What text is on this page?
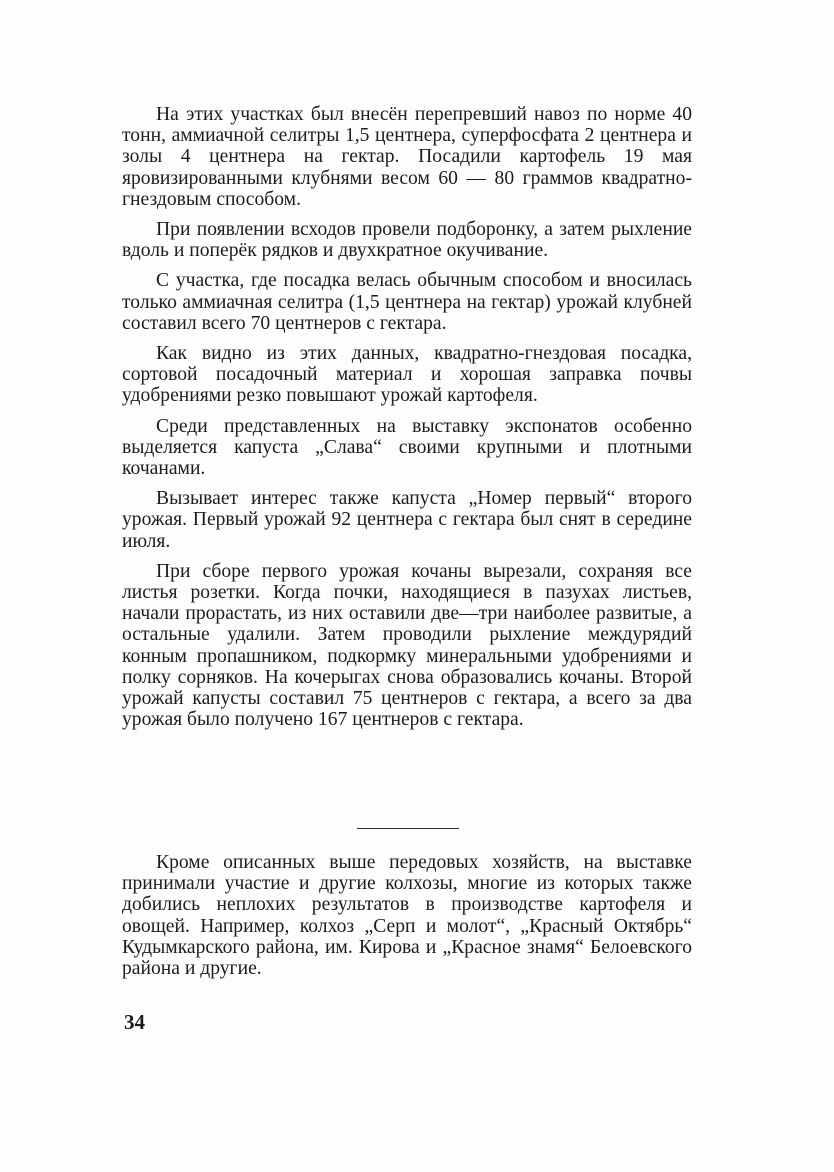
На этих участках был внесён перепревший навоз по норме 40 тонн, аммиачной селитры 1,5 центнера, суперфосфата 2 центнера и золы 4 центнера на гектар. Посадили картофель 19 мая яровизированными клубнями весом 60 — 80 граммов квадратно-гнездовым способом.

При появлении всходов провели подборонку, а затем рыхление вдоль и поперёк рядков и двухкратное окучивание.

С участка, где посадка велась обычным способом и вносилась только аммиачная селитра (1,5 центнера на гектар) урожай клубней составил всего 70 центнеров с гектара.

Как видно из этих данных, квадратно-гнездовая посадка, сортовой посадочный материал и хорошая заправка почвы удобрениями резко повышают урожай картофеля.

Среди представленных на выставку экспонатов особенно выделяется капуста „Слава“ своими крупными и плотными кочанами.

Вызывает интерес также капуста „Номер первый“ второго урожая. Первый урожай 92 центнера с гектара был снят в середине июля.

При сборе первого урожая кочаны вырезали, сохраняя все листья розетки. Когда почки, находящиеся в пазухах листьев, начали прорастать, из них оставили две—три наиболее развитые, а остальные удалили. Затем проводили рыхление междурядий конным пропашником, подкормку минеральными удобрениями и полку сорняков. На кочерыгах снова образовались кочаны. Второй урожай капусты составил 75 центнеров с гектара, а всего за два урожая было получено 167 центнеров с гектара.

Кроме описанных выше передовых хозяйств, на выставке принимали участие и другие колхозы, многие из которых также добились неплохих результатов в производстве картофеля и овощей. Например, колхоз „Серп и молот“, „Красный Октябрь“ Кудымкарского района, им. Кирова и „Красное знамя“ Белоевского района и другие.

34
